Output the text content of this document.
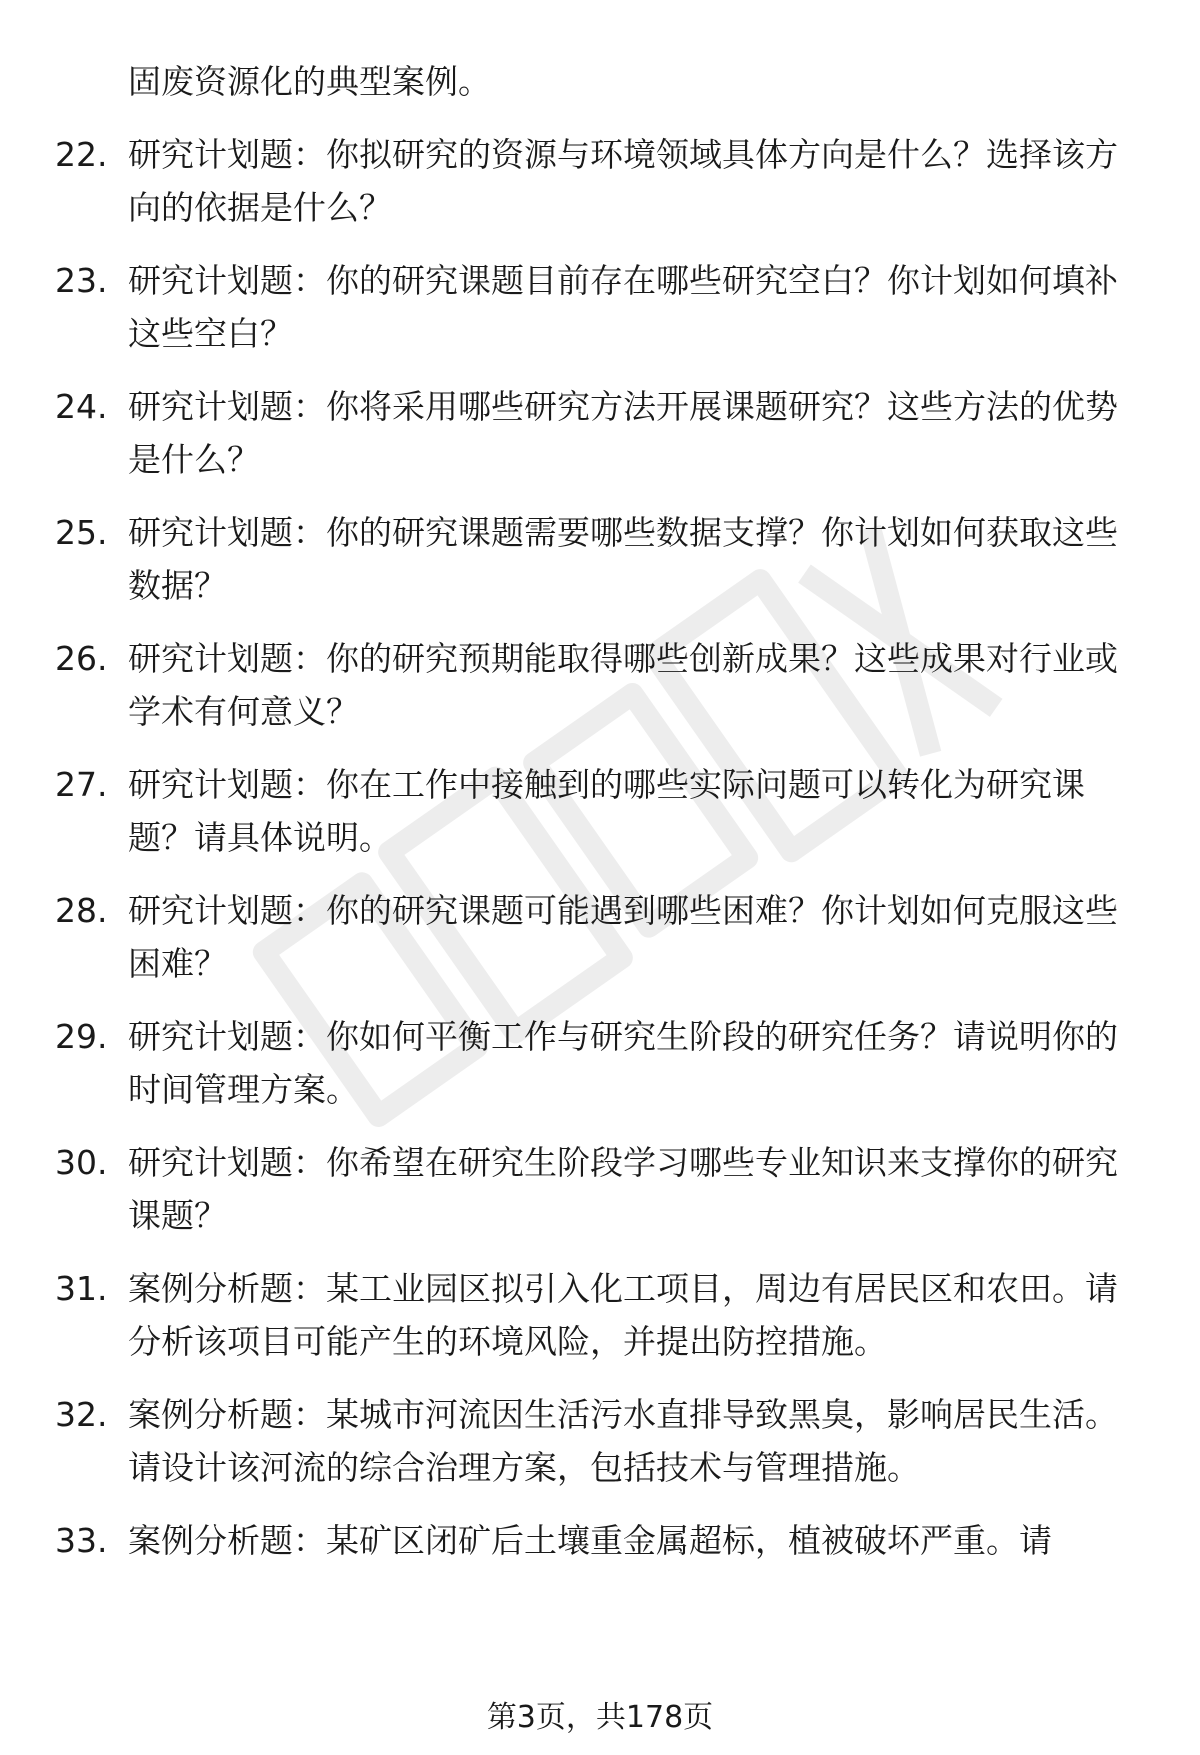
固废资源化的典型案例。
22. 研究计划题：你拟研究的资源与环境领域具体方向是什么？选择该方向的依据是什么？
23. 研究计划题：你的研究课题目前存在哪些研究空白？你计划如何填补这些空白？
24. 研究计划题：你将采用哪些研究方法开展课题研究？这些方法的优势是什么？
25. 研究计划题：你的研究课题需要哪些数据支撑？你计划如何获取这些数据？
26. 研究计划题：你的研究预期能取得哪些创新成果？这些成果对行业或学术有何意义？
27. 研究计划题：你在工作中接触到的哪些实际问题可以转化为研究课题？请具体说明。
28. 研究计划题：你的研究课题可能遇到哪些困难？你计划如何克服这些困难？
29. 研究计划题：你如何平衡工作与研究生阶段的研究任务？请说明你的时间管理方案。
30. 研究计划题：你希望在研究生阶段学习哪些专业知识来支撑你的研究课题？
31. 案例分析题：某工业园区拟引入化工项目，周边有居民区和农田。请分析该项目可能产生的环境风险，并提出防控措施。
32. 案例分析题：某城市河流因生活污水直排导致黑臭，影响居民生活。请设计该河流的综合治理方案，包括技术与管理措施。
33. 案例分析题：某矿区闭矿后土壤重金属超标，植被破坏严重。请
第3页，共178页
